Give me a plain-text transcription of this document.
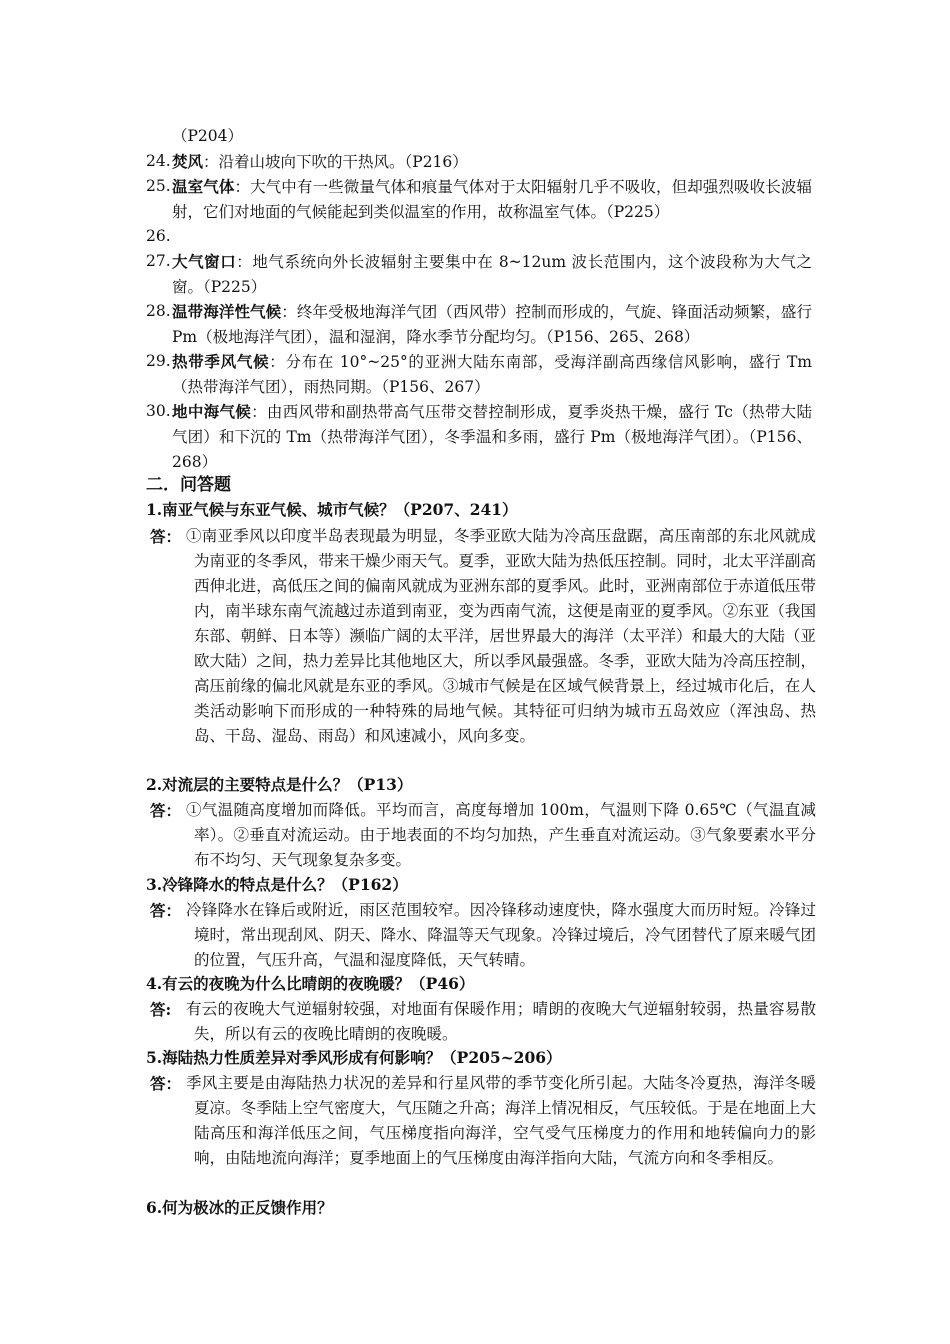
（P204）
24. 焚风：沿着山坡向下吹的干热风。（P216）
25. 温室气体：大气中有一些微量气体和痕量气体对于太阳辐射几乎不吸收，但却强烈吸收长波辐射，它们对地面的气候能起到类似温室的作用，故称温室气体。（P225）
26.
27. 大气窗口：地气系统向外长波辐射主要集中在 8~12um 波长范围内，这个波段称为大气之窗。（P225）
28. 温带海洋性气候：终年受极地海洋气团（西风带）控制而形成的，气旋、锋面活动频繁，盛行 Pm（极地海洋气团），温和湿润，降水季节分配均匀。（P156、265、268）
29. 热带季风气候：分布在 10°~25°的亚洲大陆东南部，受海洋副高西缘信风影响，盛行 Tm（热带海洋气团），雨热同期。（P156、267）
30. 地中海气候：由西风带和副热带高气压带交替控制形成，夏季炎热干燥，盛行 Tc（热带大陆气团）和下沉的 Tm（热带海洋气团），冬季温和多雨，盛行 Pm（极地海洋气团）。（P156、268）
二．问答题
1.南亚气候与东亚气候、城市气候？（P207、241）
答： ①南亚季风以印度半岛表现最为明显，冬季亚欧大陆为冷高压盘踞，高压南部的东北风就成为南亚的冬季风，带来干燥少雨天气。夏季，亚欧大陆为热低压控制。同时，北太平洋副高西伸北进，高低压之间的偏南风就成为亚洲东部的夏季风。此时，亚洲南部位于赤道低压带内，南半球东南气流越过赤道到南亚，变为西南气流，这便是南亚的夏季风。②东亚（我国东部、朝鲜、日本等）濒临广阔的太平洋，居世界最大的海洋（太平洋）和最大的大陆（亚欧大陆）之间，热力差异比其他地区大，所以季风最强盛。冬季，亚欧大陆为冷高压控制，高压前缘的偏北风就是东亚的季风。③城市气候是在区域气候背景上，经过城市化后，在人类活动影响下而形成的一种特殊的局地气候。其特征可归纳为城市五岛效应（浑浊岛、热岛、干岛、湿岛、雨岛）和风速减小，风向多变。
2.对流层的主要特点是什么？（P13）
答： ①气温随高度增加而降低。平均而言，高度每增加 100m，气温则下降 0.65℃（气温直减率）。②垂直对流运动。由于地表面的不均匀加热，产生垂直对流运动。③气象要素水平分布不均匀、天气现象复杂多变。
3.冷锋降水的特点是什么？（P162）
答： 冷锋降水在锋后或附近，雨区范围较窄。因冷锋移动速度快，降水强度大而历时短。冷锋过境时，常出现刮风、阴天、降水、降温等天气现象。冷锋过境后，冷气团替代了原来暖气团的位置，气压升高，气温和湿度降低，天气转晴。
4.有云的夜晚为什么比晴朗的夜晚暖？（P46）
答: 有云的夜晚大气逆辐射较强，对地面有保暖作用；晴朗的夜晚大气逆辐射较弱，热量容易散失，所以有云的夜晚比晴朗的夜晚暖。
5.海陆热力性质差异对季风形成有何影响？（P205~206）
答： 季风主要是由海陆热力状况的差异和行星风带的季节变化所引起。大陆冬冷夏热，海洋冬暖夏凉。冬季陆上空气密度大，气压随之升高；海洋上情况相反，气压较低。于是在地面上大陆高压和海洋低压之间，气压梯度指向海洋，空气受气压梯度力的作用和地转偏向力的影响，由陆地流向海洋；夏季地面上的气压梯度由海洋指向大陆，气流方向和冬季相反。
6.何为极冰的正反馈作用？
